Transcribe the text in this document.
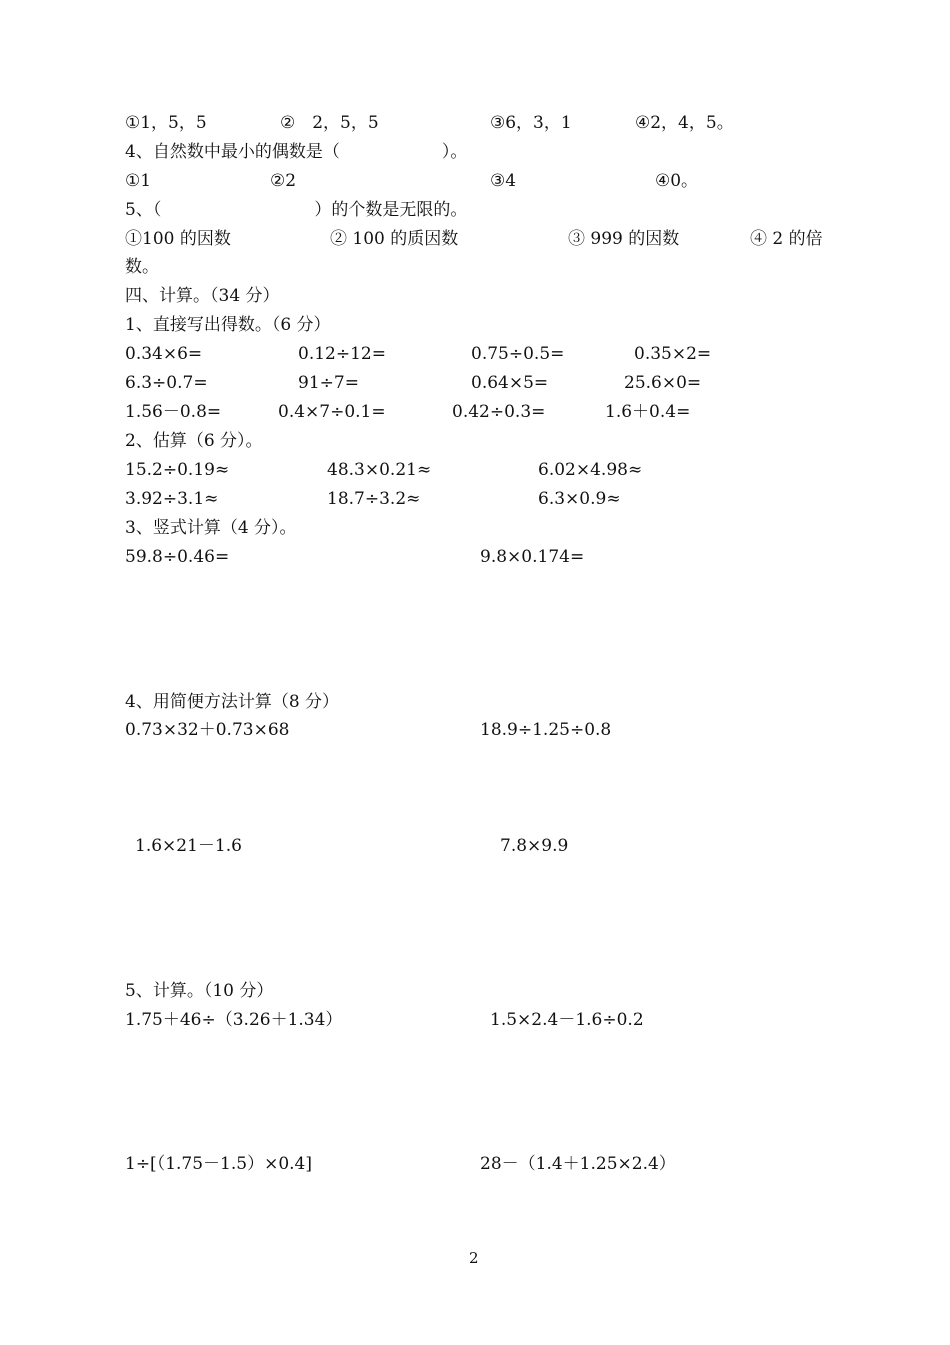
①1，5，5	②　2，5，5	③6，3，1	④2，4，5。
4、自然数中最小的偶数是（　　　　　　）。
①1	②2	③4	④0。
5、（　　　　　　　　　）的个数是无限的。
①100 的因数	② 100 的质因数	③ 999 的因数	④ 2 的倍
数。
四、计算。（34 分）
1、直接写出得数。（6 分）
0.34×6=	0.12÷12=	0.75÷0.5=	0.35×2=
6.3÷0.7=	91÷7=	0.64×5=	25.6×0=
1.56－0.8=	0.4×7÷0.1=	0.42÷0.3=	1.6＋0.4=
2、估算（6 分）。
15.2÷0.19≈	48.3×0.21≈	6.02×4.98≈
3.92÷3.1≈	18.7÷3.2≈	6.3×0.9≈
3、竖式计算（4 分）。
59.8÷0.46=	9.8×0.174=
4、用简便方法计算（8 分）
0.73×32＋0.73×68	18.9÷1.25÷0.8
1.6×21－1.6	7.8×9.9
5、计算。（10 分）
1.75＋46÷（3.26＋1.34）	1.5×2.4－1.6÷0.2
1÷[（1.75－1.5）×0.4]	28－（1.4＋1.25×2.4）
2
